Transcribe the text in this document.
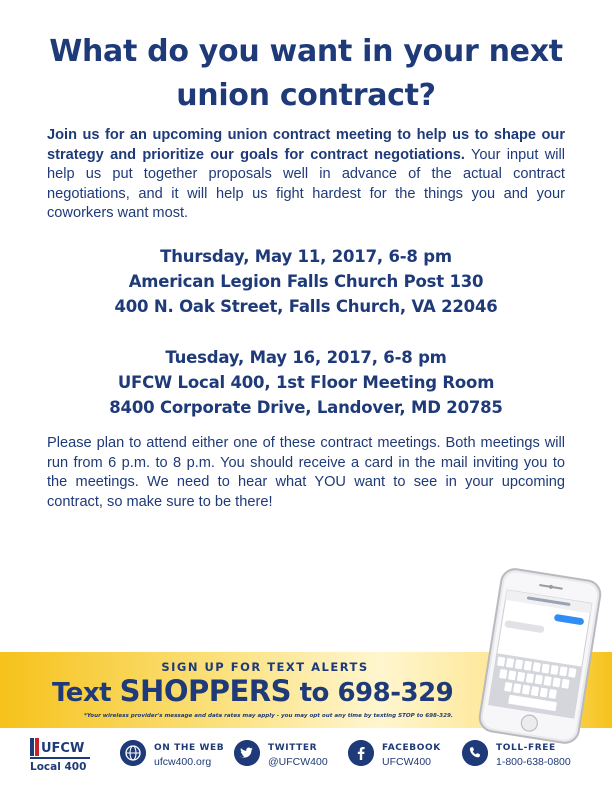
What do you want in your next
union contract?

Join us for an upcoming union contract meeting to help us to shape our strategy and prioritize our goals for contract negotiations. Your input will help us put together proposals well in advance of the actual contract negotiations, and it will help us fight hardest for the things you and your coworkers want most.

Thursday, May 11, 2017, 6-8 pm
American Legion Falls Church Post 130
400 N. Oak Street, Falls Church, VA 22046
Tuesday, May 16, 2017, 6-8 pm
UFCW Local 400, 1st Floor Meeting Room
8400 Corporate Drive, Landover, MD 20785

Please plan to attend either one of these contract meetings. Both meetings will run from 6 p.m. to 8 p.m. You should receive a card in the mail inviting you to the meetings. We need to hear what YOU want to see in your upcoming contract, so make sure to be there!

SIGN UP FOR TEXT ALERTS
Text SHOPPERS to 698-329
*Your wireless provider's message and data rates may apply - you may opt out any time by texting STOP to 698-329.
UFCW
Local 400
ON THE WEB
ufcw400.org
TWITTER
@UFCW400
FACEBOOK
UFCW400
TOLL-FREE
1-800-638-0800
